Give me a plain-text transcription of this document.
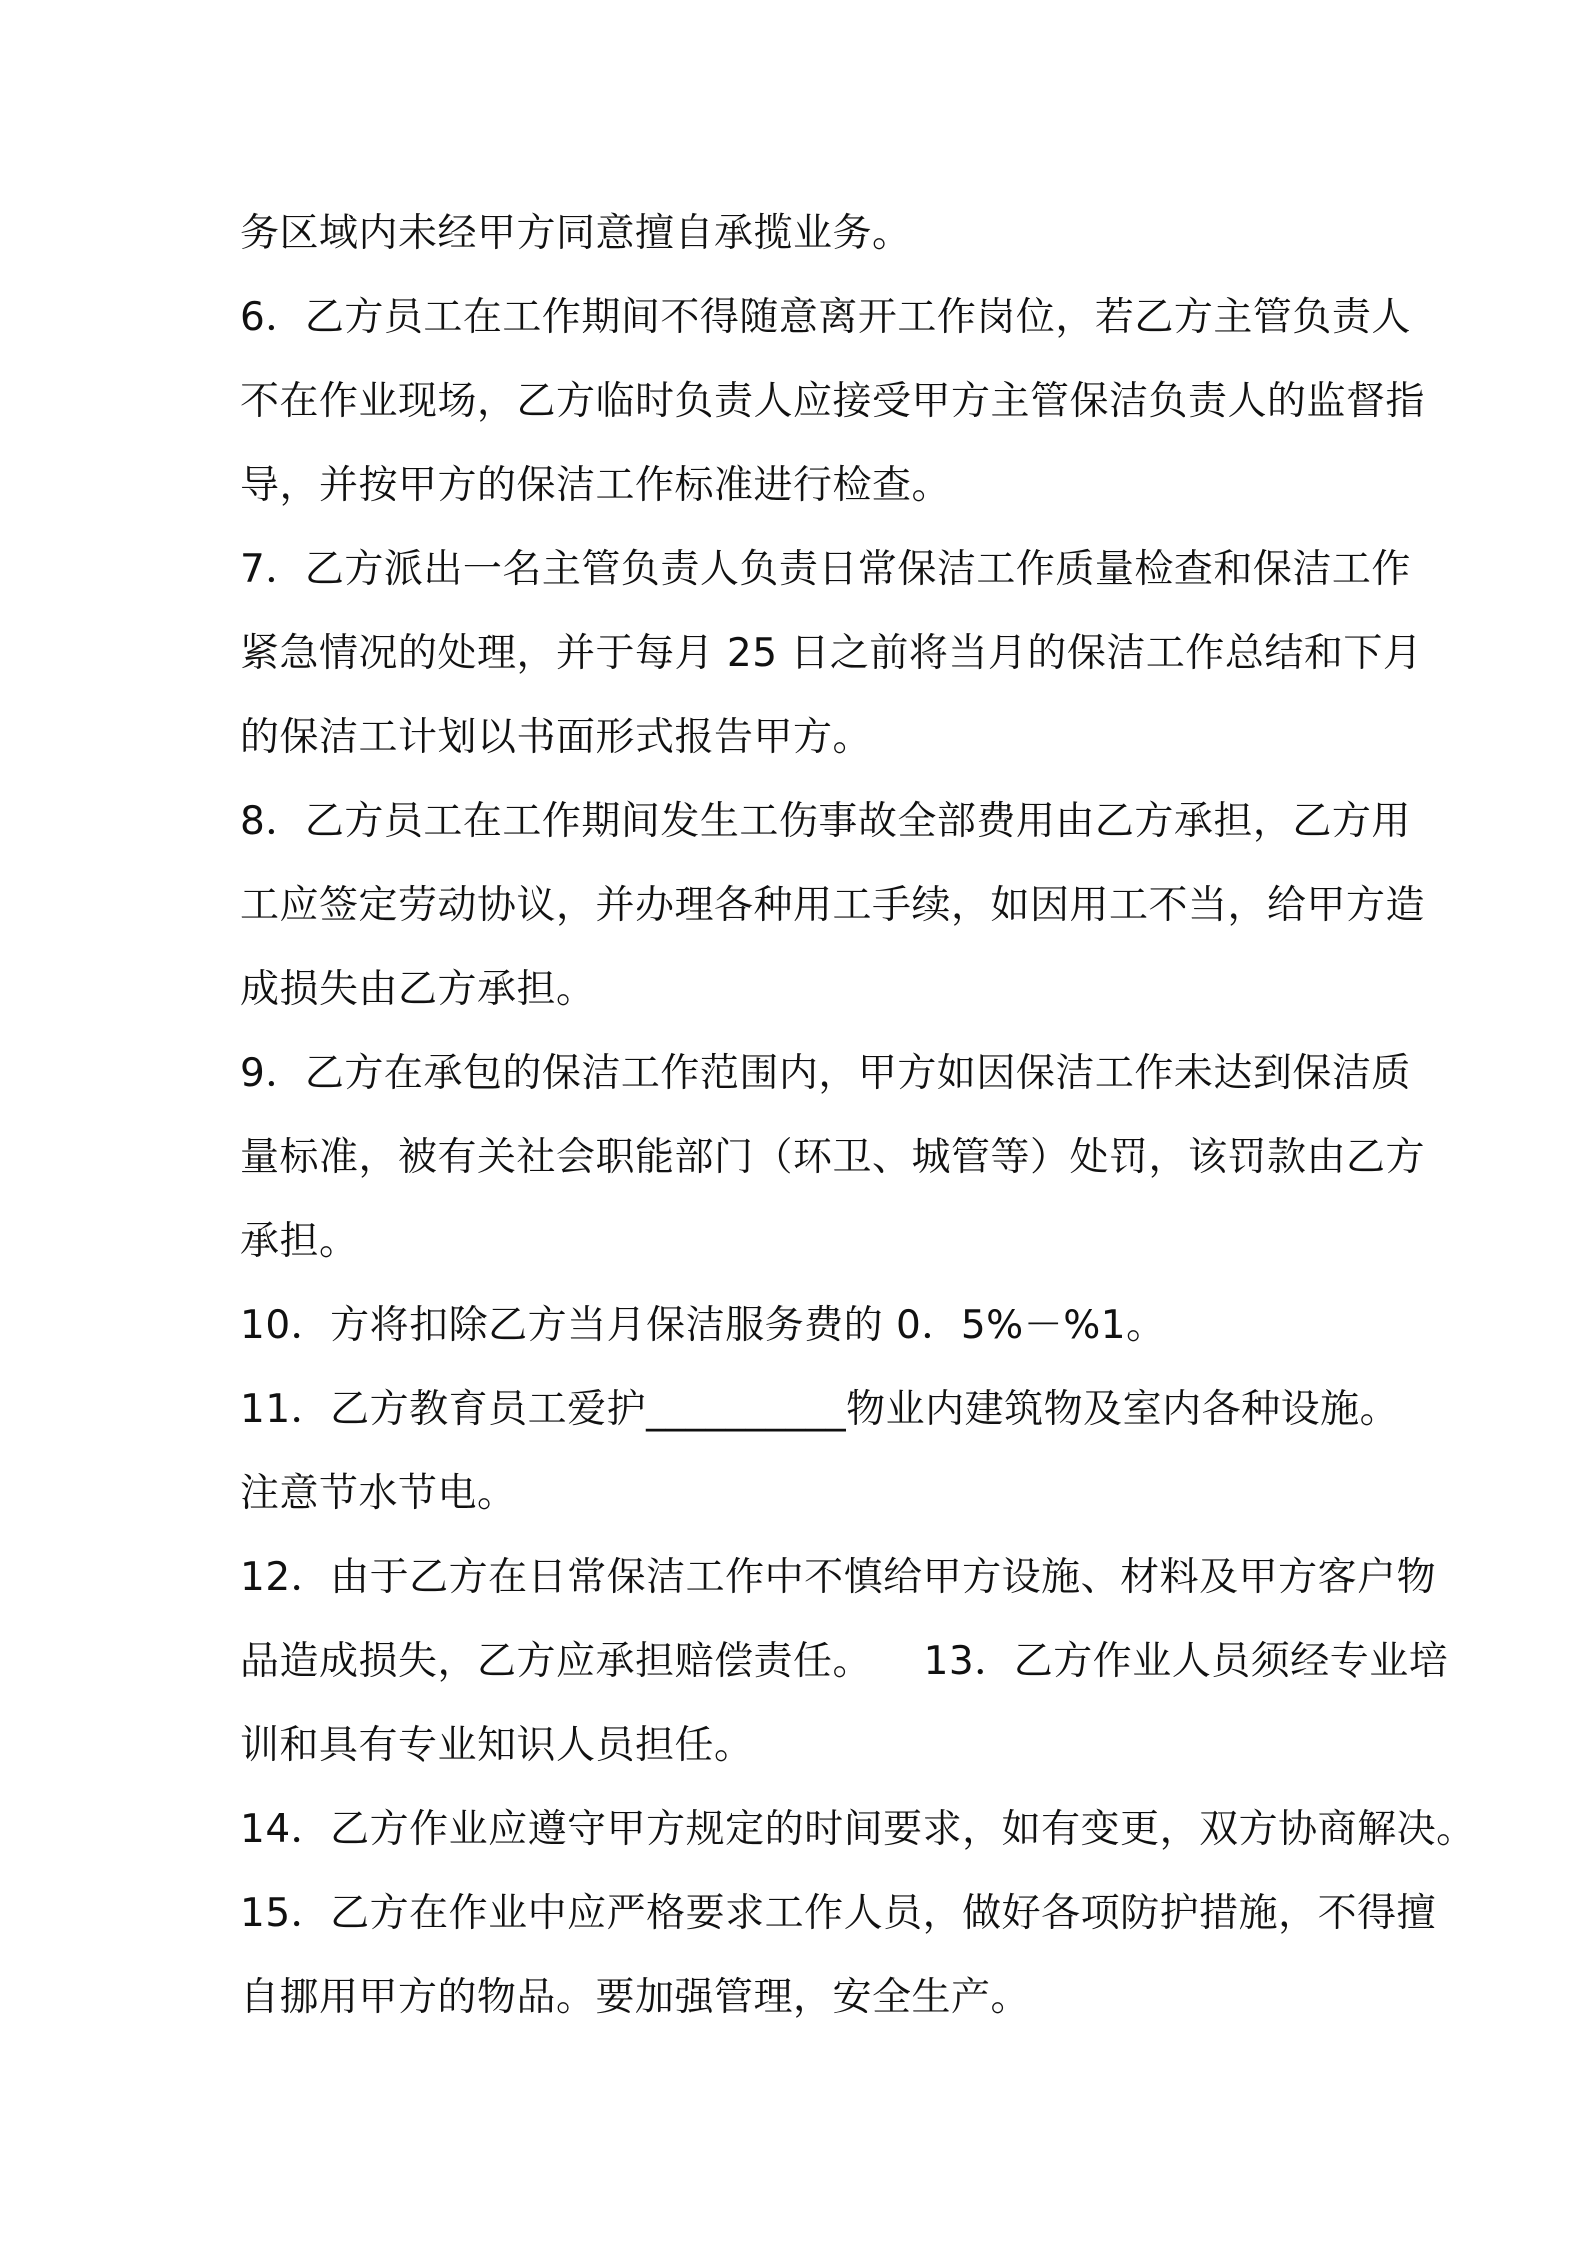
务区域内未经甲方同意擅自承揽业务。
6．乙方员工在工作期间不得随意离开工作岗位，若乙方主管负责人
不在作业现场，乙方临时负责人应接受甲方主管保洁负责人的监督指
导，并按甲方的保洁工作标准进行检查。
7．乙方派出一名主管负责人负责日常保洁工作质量检查和保洁工作
紧急情况的处理，并于每月 25 日之前将当月的保洁工作总结和下月
的保洁工计划以书面形式报告甲方。
8．乙方员工在工作期间发生工伤事故全部费用由乙方承担，乙方用
工应签定劳动协议，并办理各种用工手续，如因用工不当，给甲方造
成损失由乙方承担。
9．乙方在承包的保洁工作范围内，甲方如因保洁工作未达到保洁质
量标准，被有关社会职能部门（环卫、城管等）处罚，该罚款由乙方
承担。
10．方将扣除乙方当月保洁服务费的 0．5%－%1。
11．乙方教育员工爱护__________物业内建筑物及室内各种设施。
注意节水节电。
12．由于乙方在日常保洁工作中不慎给甲方设施、材料及甲方客户物
品造成损失，乙方应承担赔偿责任。    13．乙方作业人员须经专业培
训和具有专业知识人员担任。
14．乙方作业应遵守甲方规定的时间要求，如有变更，双方协商解决。
15．乙方在作业中应严格要求工作人员，做好各项防护措施，不得擅
自挪用甲方的物品。要加强管理，安全生产。
